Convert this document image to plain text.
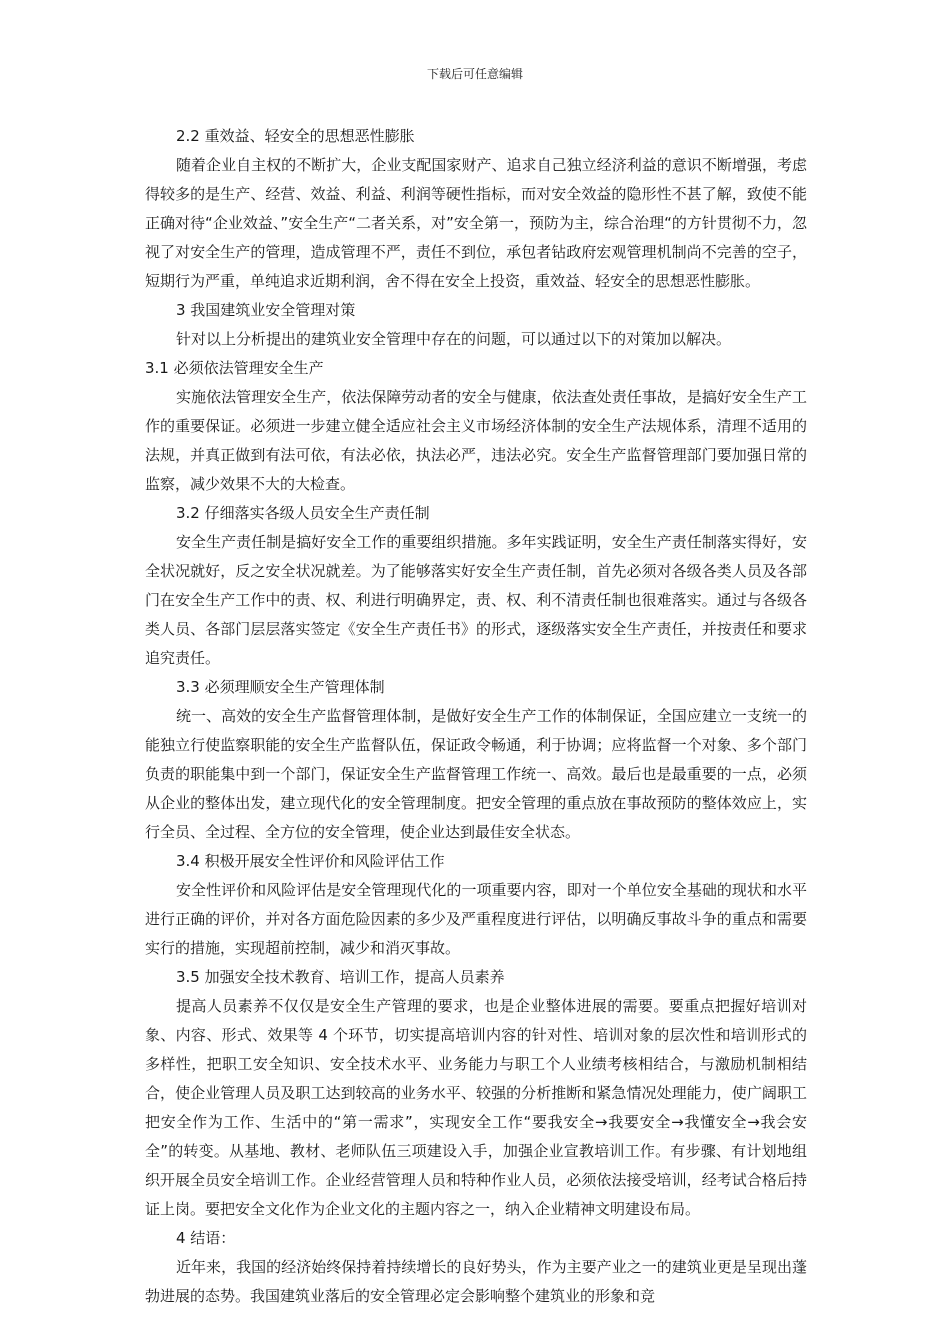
下载后可任意编辑

2.2 重效益、轻安全的思想恶性膨胀

随着企业自主权的不断扩大，企业支配国家财产、追求自己独立经济利益的意识不断增强，考虑得较多的是生产、经营、效益、利益、利润等硬性指标，而对安全效益的隐形性不甚了解，致使不能正确对待“企业效益、”安全生产“二者关系，对”安全第一，预防为主，综合治理“的方针贯彻不力，忽视了对安全生产的管理，造成管理不严，责任不到位，承包者钻政府宏观管理机制尚不完善的空子，短期行为严重，单纯追求近期利润，舍不得在安全上投资，重效益、轻安全的思想恶性膨胀。

3 我国建筑业安全管理对策

针对以上分析提出的建筑业安全管理中存在的问题，可以通过以下的对策加以解决。

3.1 必须依法管理安全生产

实施依法管理安全生产，依法保障劳动者的安全与健康，依法查处责任事故，是搞好安全生产工作的重要保证。必须进一步建立健全适应社会主义市场经济体制的安全生产法规体系，清理不适用的法规，并真正做到有法可依，有法必依，执法必严，违法必究。安全生产监督管理部门要加强日常的监察，减少效果不大的大检查。

3.2 仔细落实各级人员安全生产责任制

安全生产责任制是搞好安全工作的重要组织措施。多年实践证明，安全生产责任制落实得好，安全状况就好，反之安全状况就差。为了能够落实好安全生产责任制，首先必须对各级各类人员及各部门在安全生产工作中的责、权、利进行明确界定，责、权、利不清责任制也很难落实。通过与各级各类人员、各部门层层落实签定《安全生产责任书》的形式，逐级落实安全生产责任，并按责任和要求追究责任。

3.3 必须理顺安全生产管理体制

统一、高效的安全生产监督管理体制，是做好安全生产工作的体制保证，全国应建立一支统一的能独立行使监察职能的安全生产监督队伍，保证政令畅通，利于协调；应将监督一个对象、多个部门负责的职能集中到一个部门，保证安全生产监督管理工作统一、高效。最后也是最重要的一点，必须从企业的整体出发，建立现代化的安全管理制度。把安全管理的重点放在事故预防的整体效应上，实行全员、全过程、全方位的安全管理，使企业达到最佳安全状态。

3.4 积极开展安全性评价和风险评估工作

安全性评价和风险评估是安全管理现代化的一项重要内容，即对一个单位安全基础的现状和水平进行正确的评价，并对各方面危险因素的多少及严重程度进行评估，以明确反事故斗争的重点和需要实行的措施，实现超前控制，减少和消灭事故。

3.5 加强安全技术教育、培训工作，提高人员素养

提高人员素养不仅仅是安全生产管理的要求，也是企业整体进展的需要。要重点把握好培训对象、内容、形式、效果等 4 个环节，切实提高培训内容的针对性、培训对象的层次性和培训形式的多样性，把职工安全知识、安全技术水平、业务能力与职工个人业绩考核相结合，与激励机制相结合，使企业管理人员及职工达到较高的业务水平、较强的分析推断和紧急情况处理能力，使广阔职工把安全作为工作、生活中的“第一需求”，实现安全工作“要我安全→我要安全→我懂安全→我会安全”的转变。从基地、教材、老师队伍三项建设入手，加强企业宣教培训工作。有步骤、有计划地组织开展全员安全培训工作。企业经营管理人员和特种作业人员，必须依法接受培训，经考试合格后持证上岗。要把安全文化作为企业文化的主题内容之一，纳入企业精神文明建设布局。

4 结语：

近年来，我国的经济始终保持着持续增长的良好势头，作为主要产业之一的建筑业更是呈现出蓬勃进展的态势。我国建筑业落后的安全管理必定会影响整个建筑业的形象和竞
